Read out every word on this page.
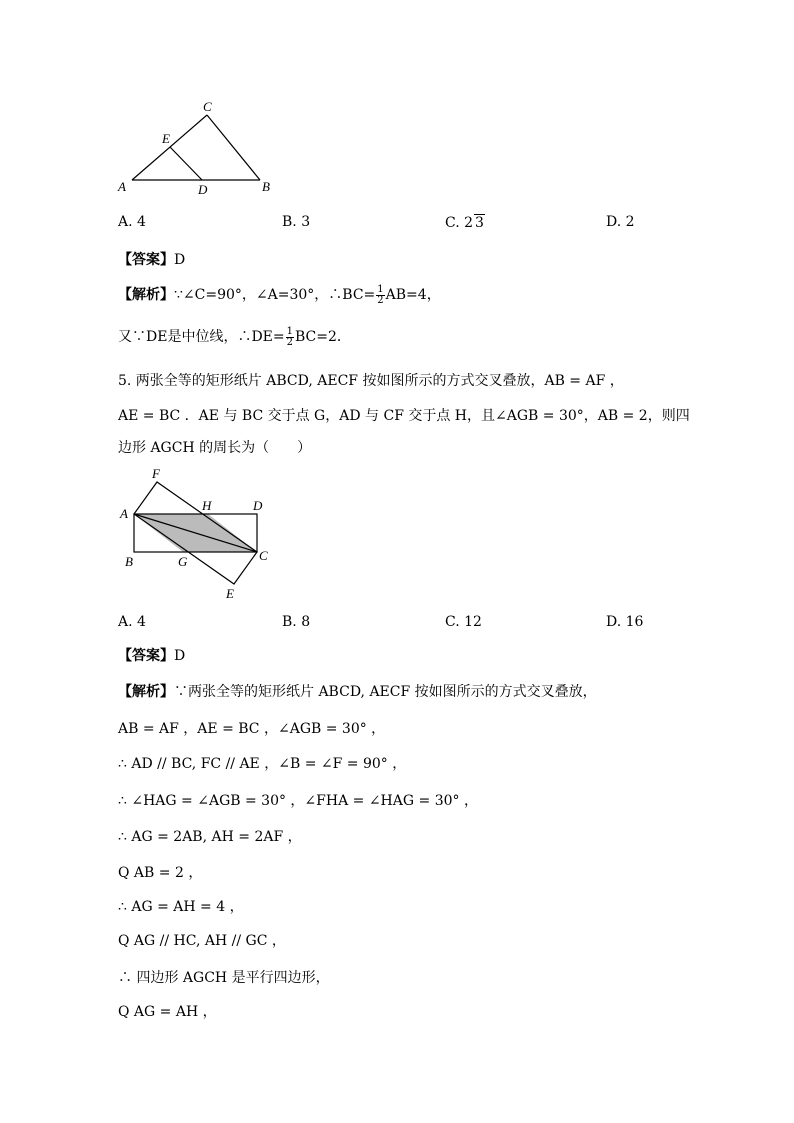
A	B
C
D
E
A. 4	B. 3	C. 2 3	D. 2
【答案】D
【解析】∵∠C=90°，∠A=30°，∴BC= $\frac{1}{2} AB=4$，
又∵DE是中位线，∴DE= $\frac{1}{2} BC=2$．
5. 两张全等的矩形纸片 ABCD, AECF 按如图所示的方式交叉叠放，AB = AF ，
AE = BC ．AE 与 BC 交于点 G，AD 与 CF 交于点 H，且∠AGB = 30°，AB = 2，则四
边形 AGCH 的周长为（　　）
A
B	C
D
E
F
G
H
A. 4	B. 8	C. 12	D. 16
【答案】D
【解析】∵两张全等的矩形纸片 ABCD, AECF 按如图所示的方式交叉叠放，
AB = AF ，AE = BC ，∠AGB = 30° ，
∴ AD // BC, FC // AE ，∠B = ∠F = 90° ，
∴ ∠HAG = ∠AGB = 30° ，∠FHA = ∠HAG = 30° ，
∴ AG = 2AB, AH = 2AF ，
Q AB = 2 ，
∴ AG = AH = 4 ，
Q AG // HC, AH // GC ，
∴ 四边形 AGCH 是平行四边形，
Q AG = AH ，
